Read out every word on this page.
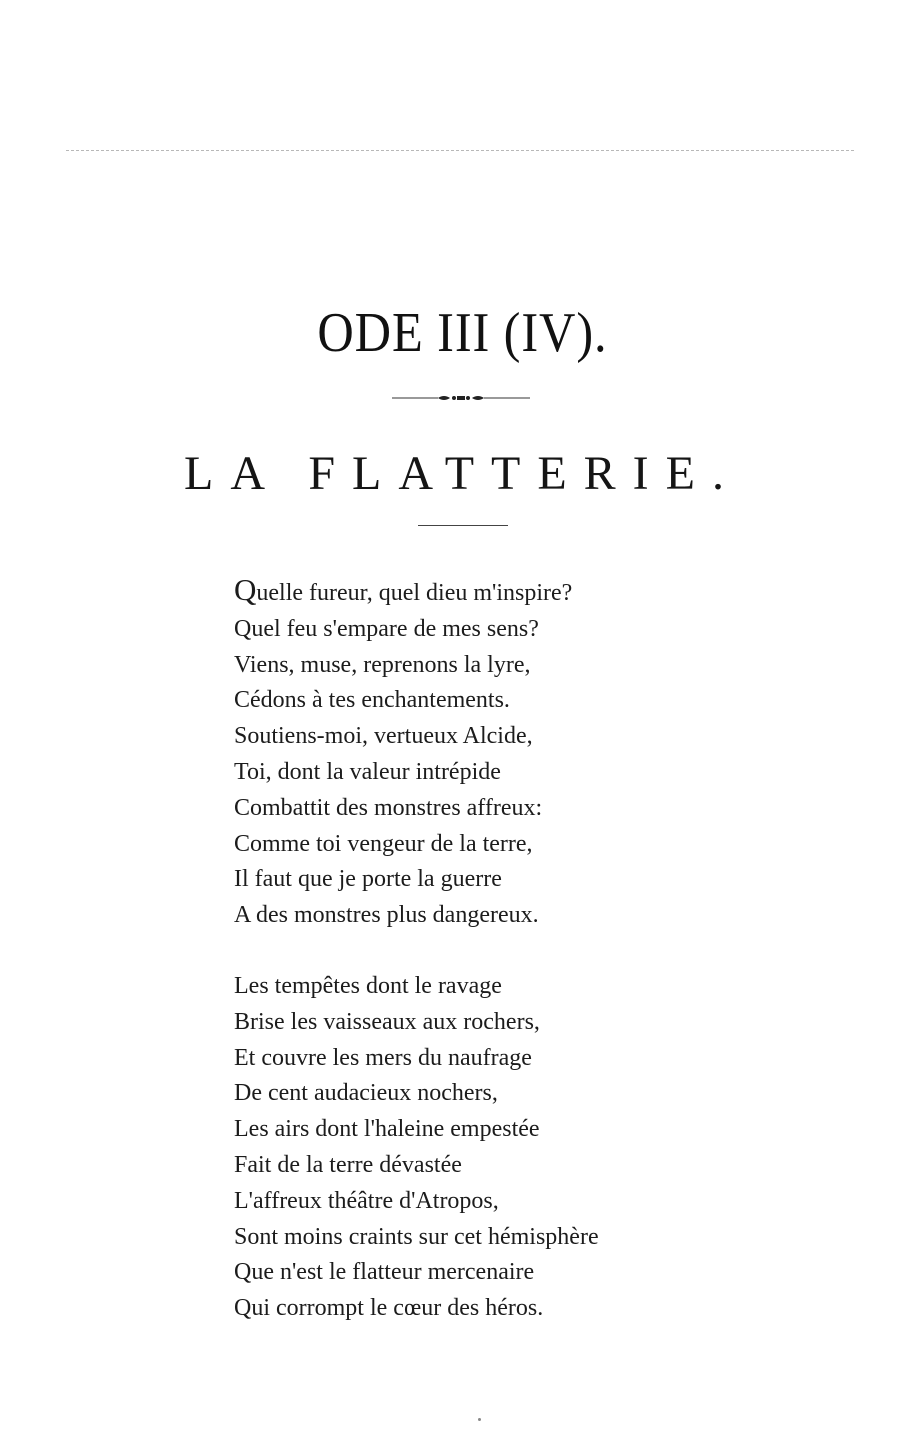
ODE III (IV).
LA FLATTERIE.
Quelle fureur, quel dieu m'inspire?
Quel feu s'empare de mes sens?
Viens, muse, reprenons la lyre,
Cédons à tes enchantements.
Soutiens-moi, vertueux Alcide,
Toi, dont la valeur intrépide
Combattit des monstres affreux:
Comme toi vengeur de la terre,
Il faut que je porte la guerre
A des monstres plus dangereux.
Les tempêtes dont le ravage
Brise les vaisseaux aux rochers,
Et couvre les mers du naufrage
De cent audacieux nochers,
Les airs dont l'haleine empestée
Fait de la terre dévastée
L'affreux théâtre d'Atropos,
Sont moins craints sur cet hémisphère
Que n'est le flatteur mercenaire
Qui corrompt le cœur des héros.
